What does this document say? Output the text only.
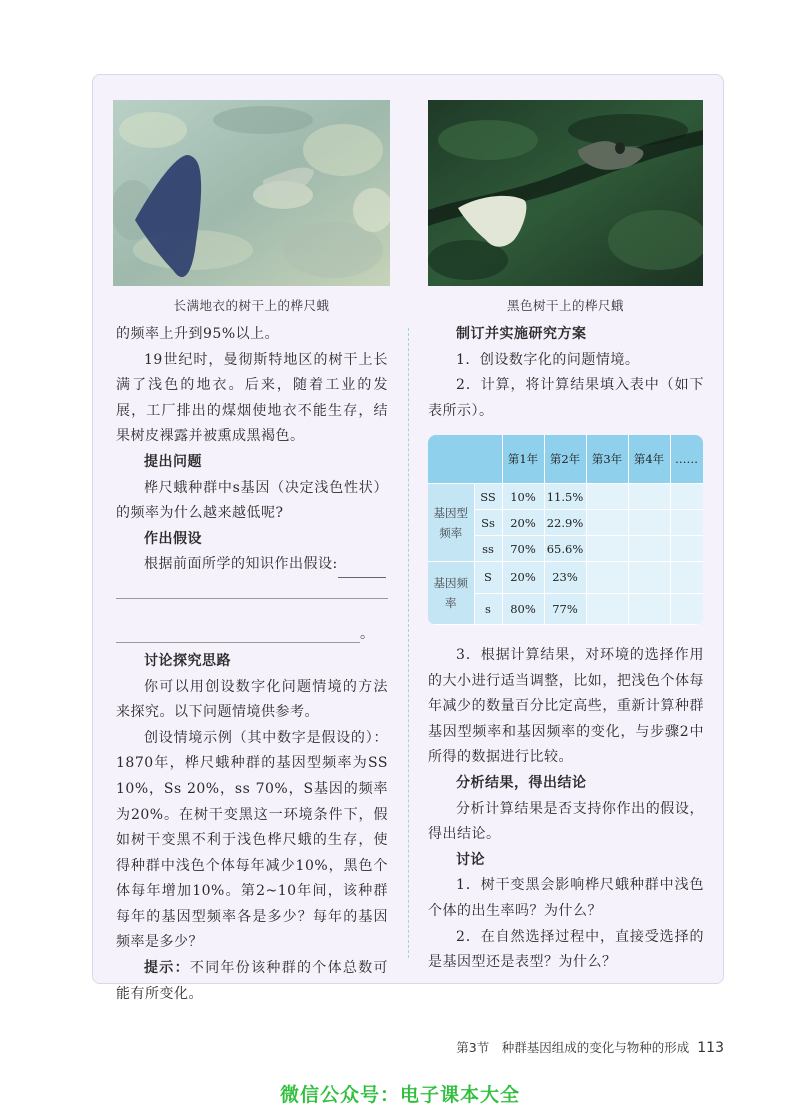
长满地衣的树干上的桦尺蛾	黑色树干上的桦尺蛾

的频率上升到95%以上。

19世纪时，曼彻斯特地区的树干上长满了浅色的地衣。后来，随着工业的发展，工厂排出的煤烟使地衣不能生存，结果树皮裸露并被熏成黑褐色。

提出问题

桦尺蛾种群中s基因（决定浅色性状）的频率为什么越来越低呢?

作出假设

根据前面所学的知识作出假设:

。

讨论探究思路

你可以用创设数字化问题情境的方法来探究。以下问题情境供参考。

创设情境示例（其中数字是假设的）：1870年，桦尺蛾种群的基因型频率为SS 10%，Ss 20%，ss 70%，S基因的频率为20%。在树干变黑这一环境条件下，假如树干变黑不利于浅色桦尺蛾的生存，使得种群中浅色个体每年减少10%，黑色个体每年增加10%。第2~10年间，该种群每年的基因型频率各是多少？每年的基因频率是多少？

提示：不同年份该种群的个体总数可能有所变化。

制订并实施研究方案

1．创设数字化的问题情境。

2．计算，将计算结果填入表中（如下表所示）。

		第1年	第2年	第3年	第4年	……
基因型频率	SS	10%	11.5%			
	Ss	20%	22.9%			
	ss	70%	65.6%			
基因频率	S	20%	23%			
	s	80%	77%			

3．根据计算结果，对环境的选择作用的大小进行适当调整，比如，把浅色个体每年减少的数量百分比定高些，重新计算种群基因型频率和基因频率的变化，与步骤2中所得的数据进行比较。

分析结果，得出结论

分析计算结果是否支持你作出的假设，得出结论。

讨论

1．树干变黑会影响桦尺蛾种群中浅色个体的出生率吗？为什么？

2．在自然选择过程中，直接受选择的是基因型还是表型？为什么？

第3节　种群基因组成的变化与物种的形成 113
微信公众号：电子课本大全
